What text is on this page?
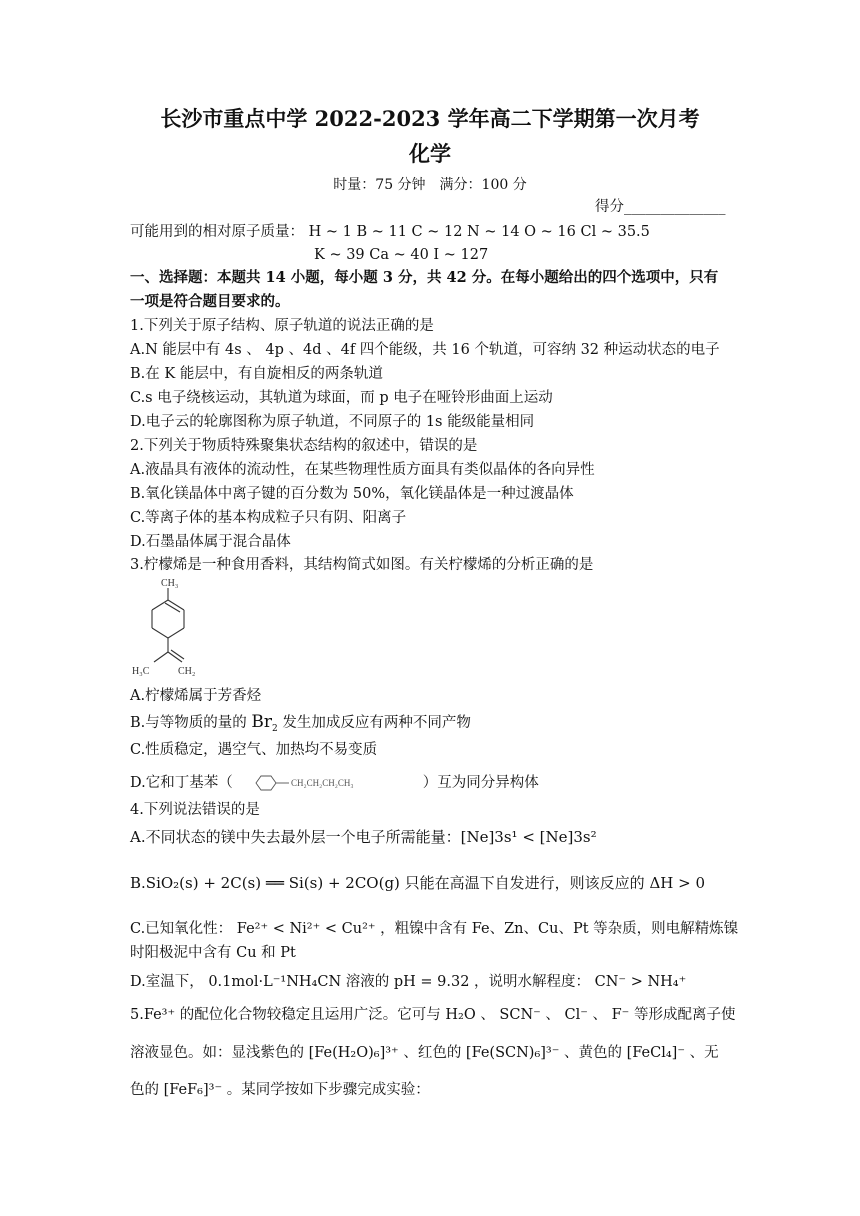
长沙市重点中学 2022-2023 学年高二下学期第一次月考
化学
时量：75 分钟　满分：100 分
得分______________
可能用到的相对原子质量： H ~ 1 B ~ 11 C ~ 12 N ~ 14 O ~ 16 Cl ~ 35.5
K ~ 39 Ca ~ 40 I ~ 127
一、选择题：本题共 14 小题，每小题 3 分，共 42 分。在每小题给出的四个选项中，只有
一项是符合题目要求的。
1.下列关于原子结构、原子轨道的说法正确的是
A.N 能层中有 4s 、 4p 、4d 、4f 四个能级，共 16 个轨道，可容纳 32 种运动状态的电子
B.在 K 能层中，有自旋相反的两条轨道
C.s 电子绕核运动，其轨道为球面，而 p 电子在哑铃形曲面上运动
D.电子云的轮廓图称为原子轨道，不同原子的 1s 能级能量相同
2.下列关于物质特殊聚集状态结构的叙述中，错误的是
A.液晶具有液体的流动性，在某些物理性质方面具有类似晶体的各向异性
B.氧化镁晶体中离子键的百分数为 50%，氧化镁晶体是一种过渡晶体
C.等离子体的基本构成粒子只有阴、阳离子
D.石墨晶体属于混合晶体
3.柠檬烯是一种食用香料，其结构简式如图。有关柠檬烯的分析正确的是
CH₃
H₃C	CH₂
A.柠檬烯属于芳香烃
B.与等物质的量的 $Br_2$ 发生加成反应有两种不同产物
C.性质稳定，遇空气、加热均不易变质
D.它和丁基苯（	CH₂CH₂CH₂CH₃	）互为同分异构体
4.下列说法错误的是
A.不同状态的镁中失去最外层一个电子所需能量：[Ne]3s¹ < [Ne]3s²
B.SiO₂(s) + 2C(s) ══ Si(s) + 2CO(g) 只能在高温下自发进行，则该反应的 ΔH > 0
C.已知氧化性： Fe²⁺ < Ni²⁺ < Cu²⁺ ，粗镍中含有 Fe、Zn、Cu、Pt 等杂质，则电解精炼镍
时阳极泥中含有 Cu 和 Pt
D.室温下， 0.1mol·L⁻¹NH₄CN 溶液的 pH = 9.32 ，说明水解程度： CN⁻ > NH₄⁺
5.Fe³⁺ 的配位化合物较稳定且运用广泛。它可与 H₂O 、 SCN⁻ 、 Cl⁻ 、 F⁻ 等形成配离子使
溶液显色。如：显浅紫色的 [Fe(H₂O)₆]³⁺ 、红色的 [Fe(SCN)₆]³⁻ 、黄色的 [FeCl₄]⁻ 、无
色的 [FeF₆]³⁻ 。某同学按如下步骤完成实验：
